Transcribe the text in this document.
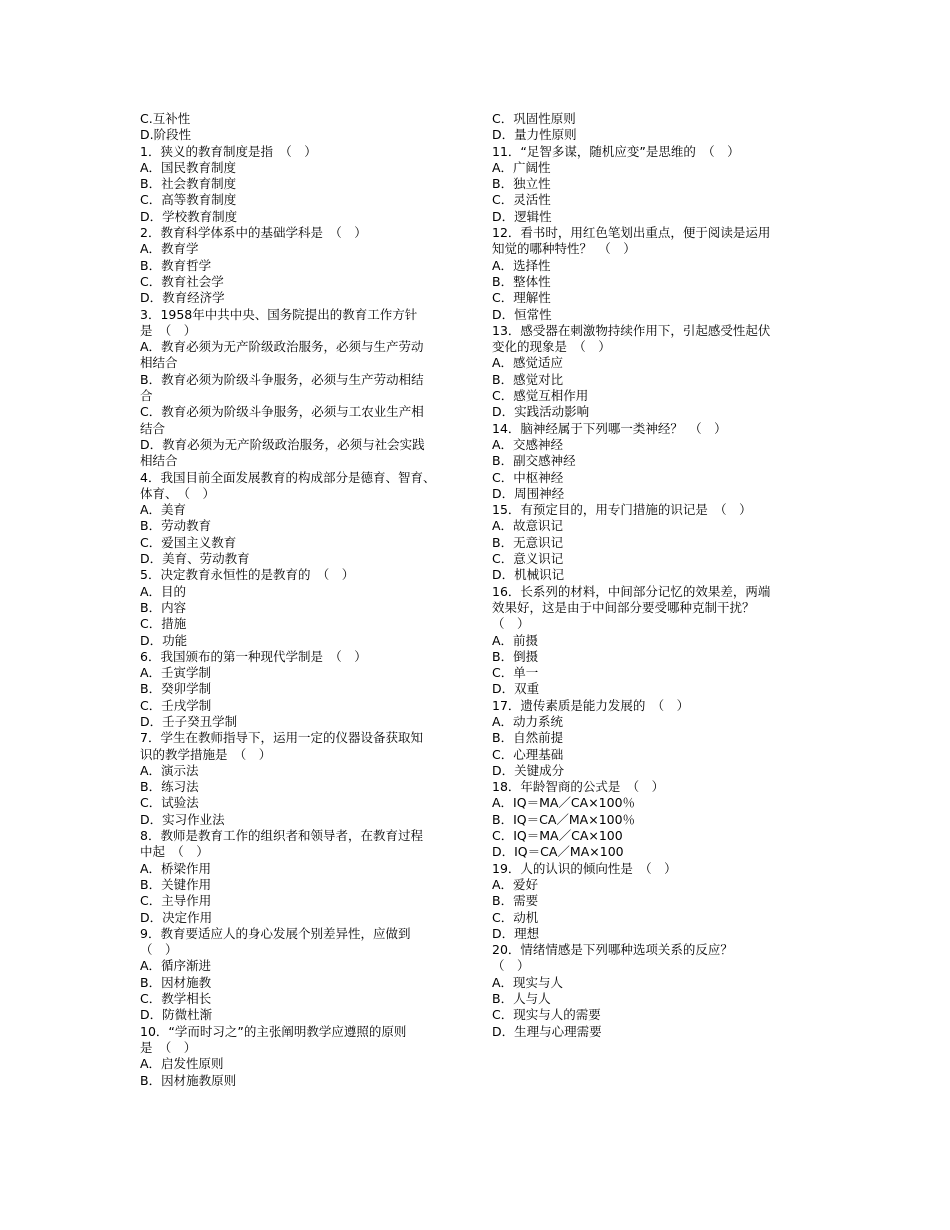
C.互补性
D.阶段性
1．狭义的教育制度是指　（　）
A．国民教育制度
B．社会教育制度
C．高等教育制度
D．学校教育制度
2．教育科学体系中的基础学科是　（　）
A．教育学
B．教育哲学
C．教育社会学
D．教育经济学
3．1958年中共中央、国务院提出的教育工作方针
是　（　）
A．教育必须为无产阶级政治服务，必须与生产劳动
相结合
B．教育必须为阶级斗争服务，必须与生产劳动相结
合
C．教育必须为阶级斗争服务，必须与工农业生产相
结合
D．教育必须为无产阶级政治服务，必须与社会实践
相结合
4．我国目前全面发展教育的构成部分是德育、智育、
体育、　（　）
A．美育
B．劳动教育
C．爱国主义教育
D．美育、劳动教育
5．决定教育永恒性的是教育的　（　）
A．目的
B．内容
C．措施
D．功能
6．我国颁布的第一种现代学制是　（　）
A．壬寅学制
B．癸卯学制
C．壬戌学制
D．壬子癸丑学制
7．学生在教师指导下，运用一定的仪器设备获取知
识的教学措施是　（　）
A．演示法
B．练习法
C．试验法
D．实习作业法
8．教师是教育工作的组织者和领导者，在教育过程
中起　（　）
A．桥梁作用
B．关键作用
C．主导作用
D．决定作用
9．教育要适应人的身心发展个别差异性，应做到
（　）
A．循序渐进
B．因材施教
C．教学相长
D．防微杜渐
10．“学而时习之”的主张阐明教学应遵照的原则
是　（　）
A．启发性原则
B．因材施教原则
C．巩固性原则
D．量力性原则
11．“足智多谋，随机应变”是思维的　（　）
A．广阔性
B．独立性
C．灵活性
D．逻辑性
12．看书时，用红色笔划出重点，便于阅读是运用
知觉的哪种特性？　（　）
A．选择性
B．整体性
C．理解性
D．恒常性
13．感受器在刺激物持续作用下，引起感受性起伏
变化的现象是　（　）
A．感觉适应
B．感觉对比
C．感觉互相作用
D．实践活动影响
14．脑神经属于下列哪一类神经？　（　）
A．交感神经
B．副交感神经
C．中枢神经
D．周围神经
15．有预定目的，用专门措施的识记是　（　）
A．故意识记
B．无意识记
C．意义识记
D．机械识记
16．长系列的材料，中间部分记忆的效果差，两端
效果好，这是由于中间部分要受哪种克制干扰？
（　）
A．前摄
B．倒摄
C．单一
D．双重
17．遗传素质是能力发展的　（　）
A．动力系统
B．自然前提
C．心理基础
D．关键成分
18．年龄智商的公式是　（　）
A．IQ＝MA／CA×100％
B．IQ＝CA／MA×100％
C．IQ＝MA／CA×100
D．IQ＝CA／MA×100
19．人的认识的倾向性是　（　）
A．爱好
B．需要
C．动机
D．理想
20．情绪情感是下列哪种选项关系的反应？
（　）
A．现实与人
B．人与人
C．现实与人的需要
D．生理与心理需要
